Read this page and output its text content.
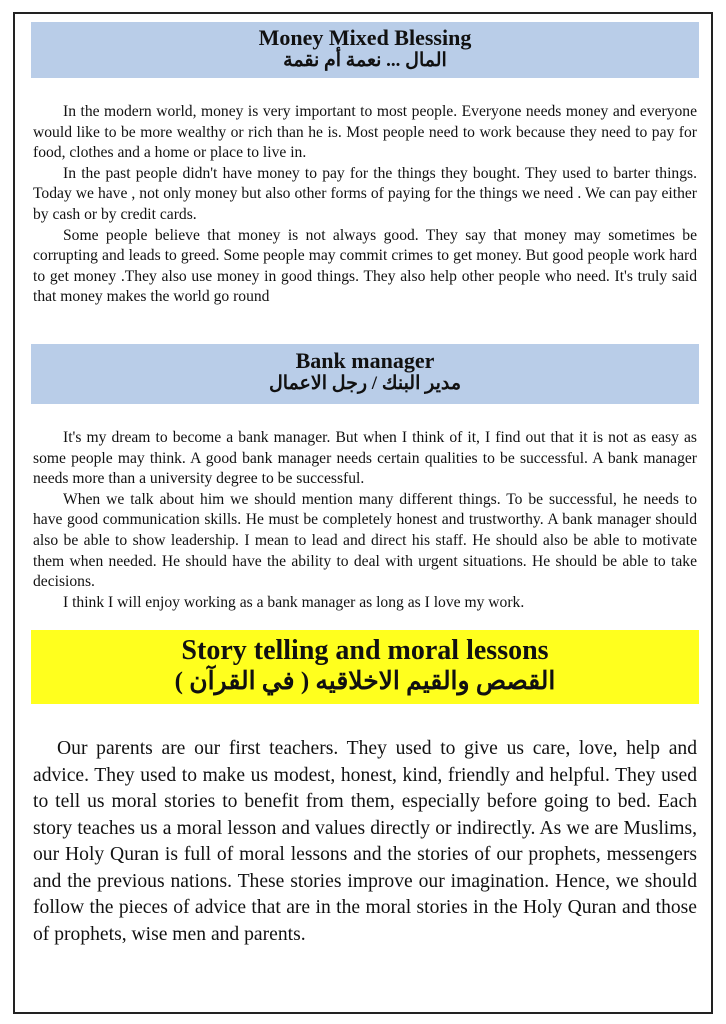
Money Mixed Blessing
المال ... نعمة أم نقمة

In the modern world, money is very important to most people. Everyone needs money and everyone would like to be more wealthy or rich than he is. Most people need to work because they need to pay for food, clothes and a home or place to live in.

In the past people didn't have money to pay for the things they bought. They used to barter things. Today we have , not only money but also other forms of paying for the things we need . We can pay either by cash or by credit cards.

Some people believe that money is not always good. They say that money may sometimes be corrupting and leads to greed. Some people may commit crimes to get money. But good people work hard to get money .They also use money in good things. They also help other people who need. It's truly said that money makes the world go round

Bank manager
مدير البنك / رجل الاعمال

It's my dream to become a bank manager. But when I think of it, I find out that it is not as easy as some people may think. A good bank manager needs certain qualities to be successful. A bank manager needs more than a university degree to be successful.

When we talk about him we should mention many different things. To be successful, he needs to have good communication skills. He must be completely honest and trustworthy. A bank manager should also be able to show leadership. I mean to lead and direct his staff. He should also be able to motivate them when needed. He should have the ability to deal with urgent situations. He should be able to take decisions.

I think I will enjoy working as a bank manager as long as I love my work.

Story telling and moral lessons
القصص والقيم الاخلاقيه ( في القرآن )

Our parents are our first teachers. They used to give us care, love, help and advice. They used to make us modest, honest, kind, friendly and helpful. They used to tell us moral stories to benefit from them, especially before going to bed. Each story teaches us a moral lesson and values directly or indirectly. As we are Muslims, our Holy Quran is full of moral lessons and the stories of our prophets, messengers and the previous nations. These stories improve our imagination. Hence, we should follow the pieces of advice that are in the moral stories in the Holy Quran and those of prophets, wise men and parents.
